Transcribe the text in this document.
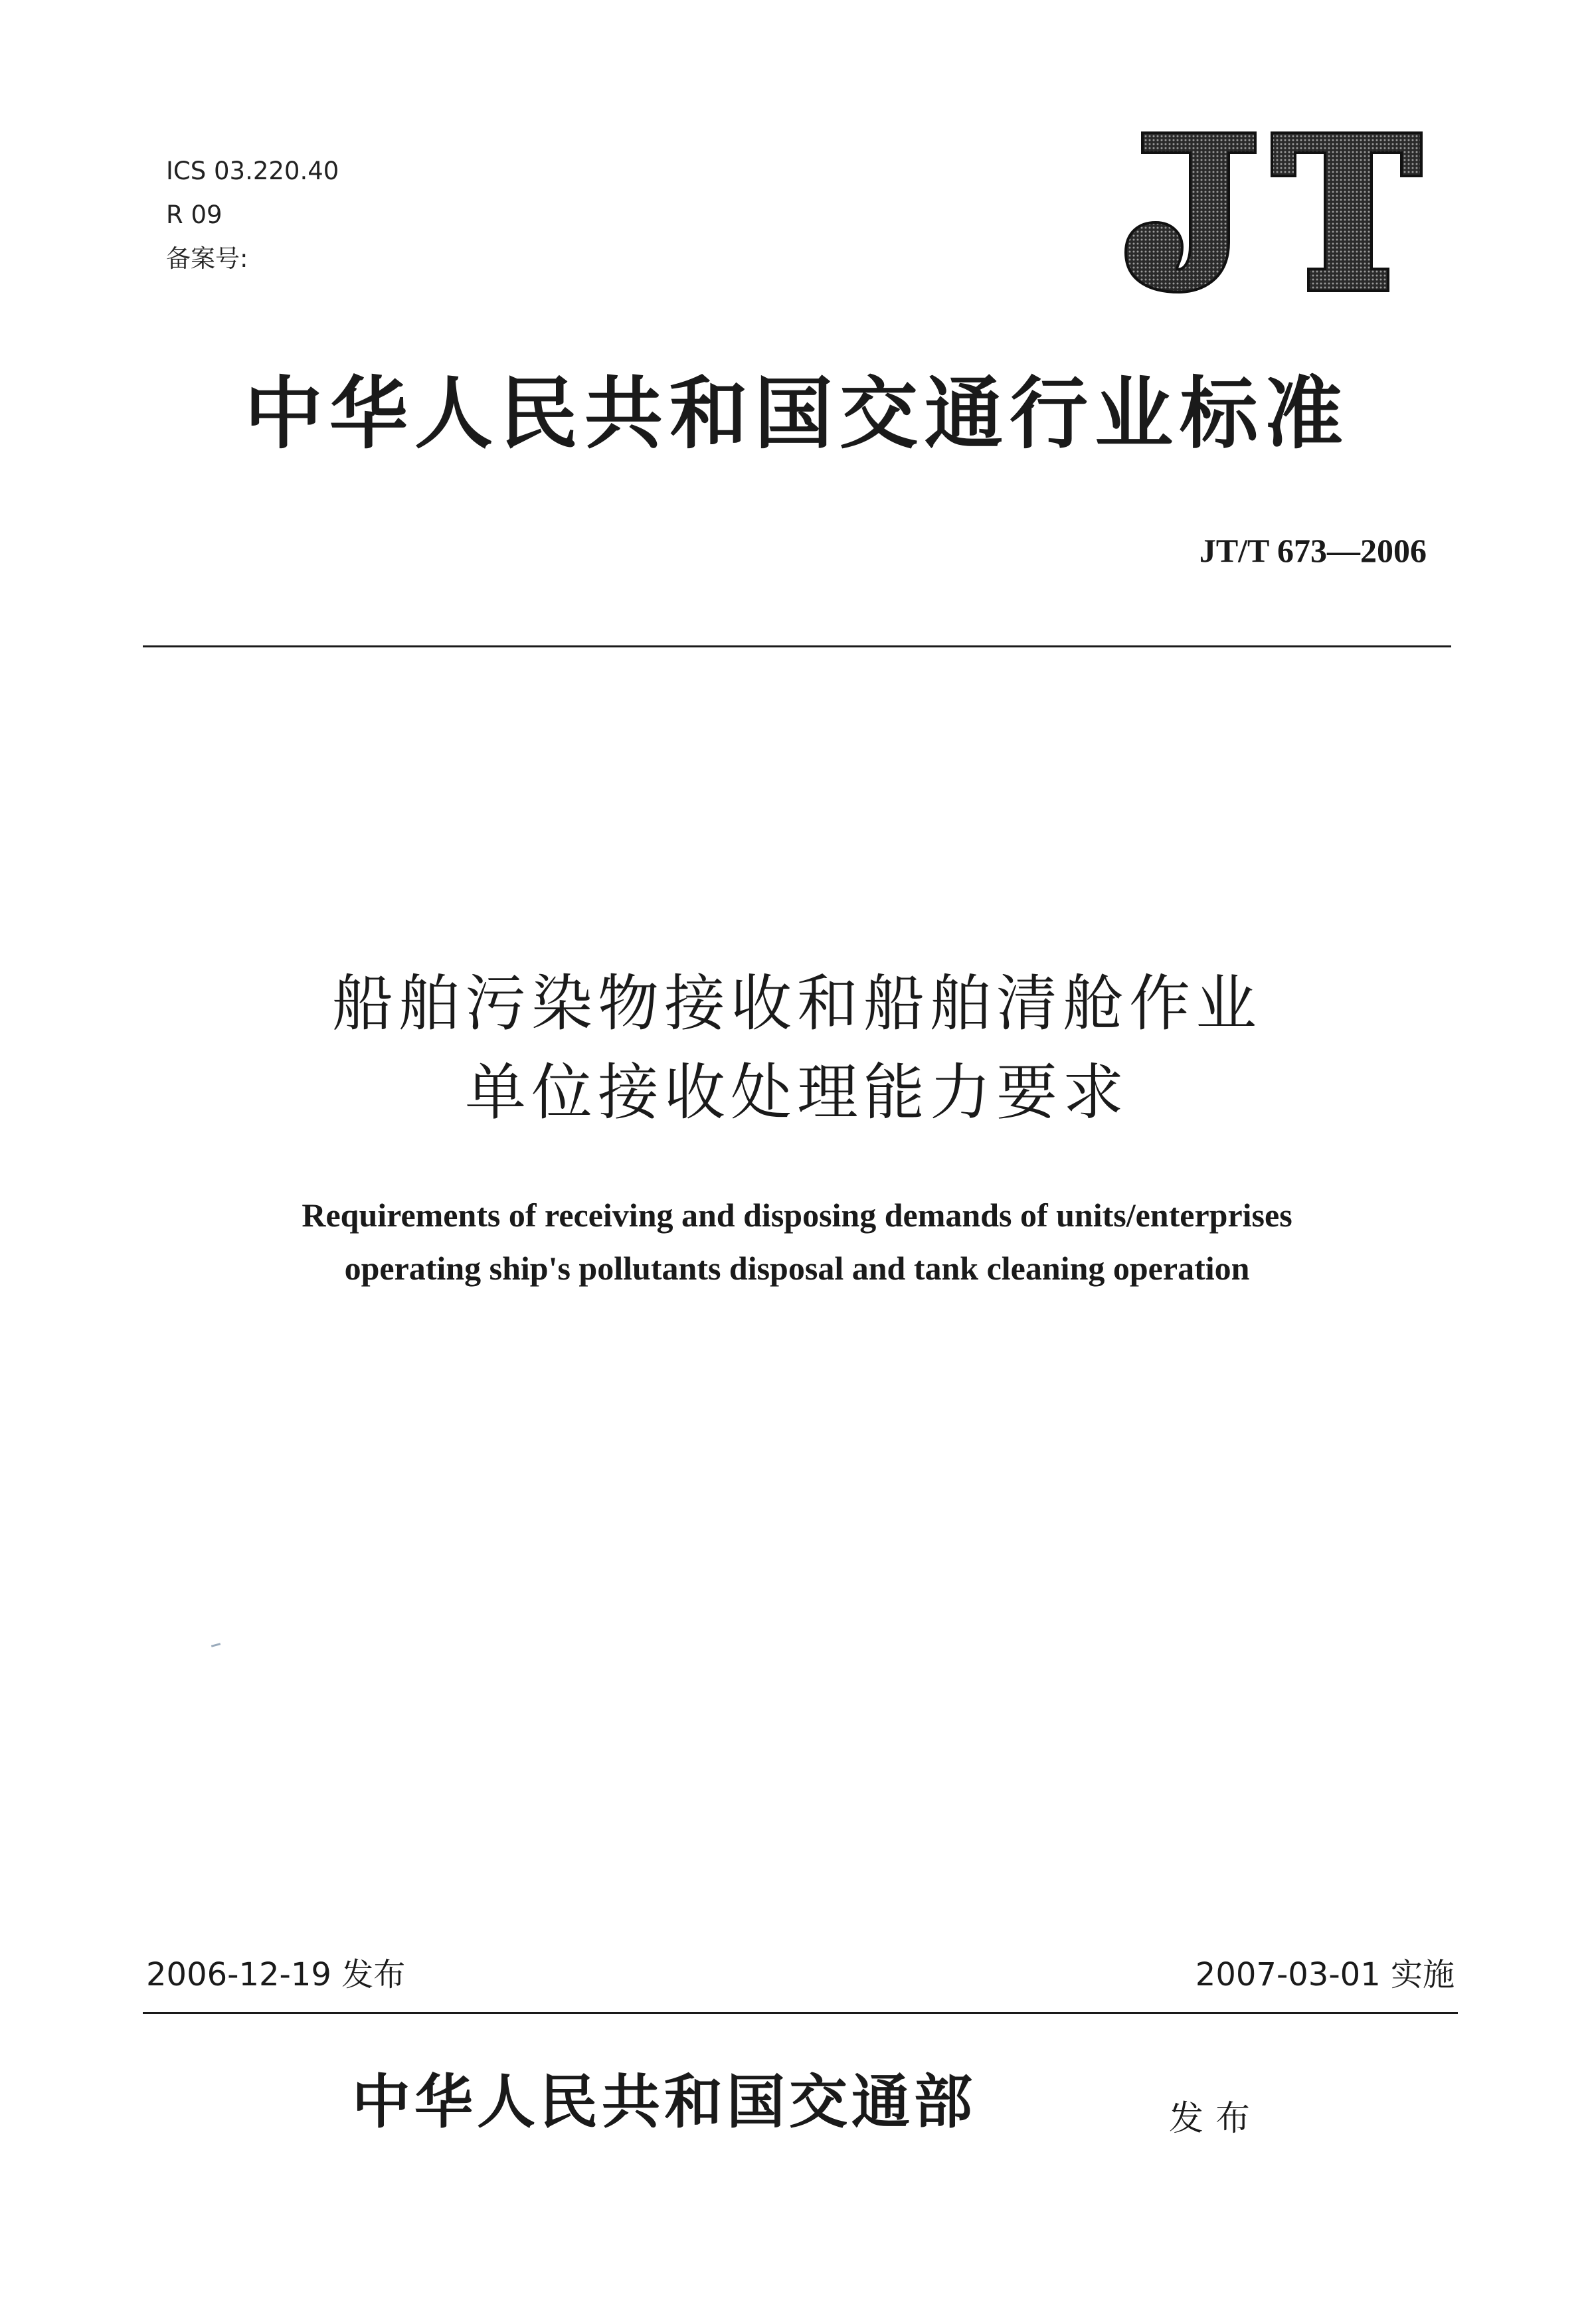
ICS 03.220.40
R 09
备案号:
中华人民共和国交通行业标准
JT/T 673—2006
船舶污染物接收和船舶清舱作业
单位接收处理能力要求
Requirements of receiving and disposing demands of units/enterprises
operating ship's pollutants disposal and tank cleaning operation
2006-12-19 发布	2007-03-01 实施
中华人民共和国交通部	发布
